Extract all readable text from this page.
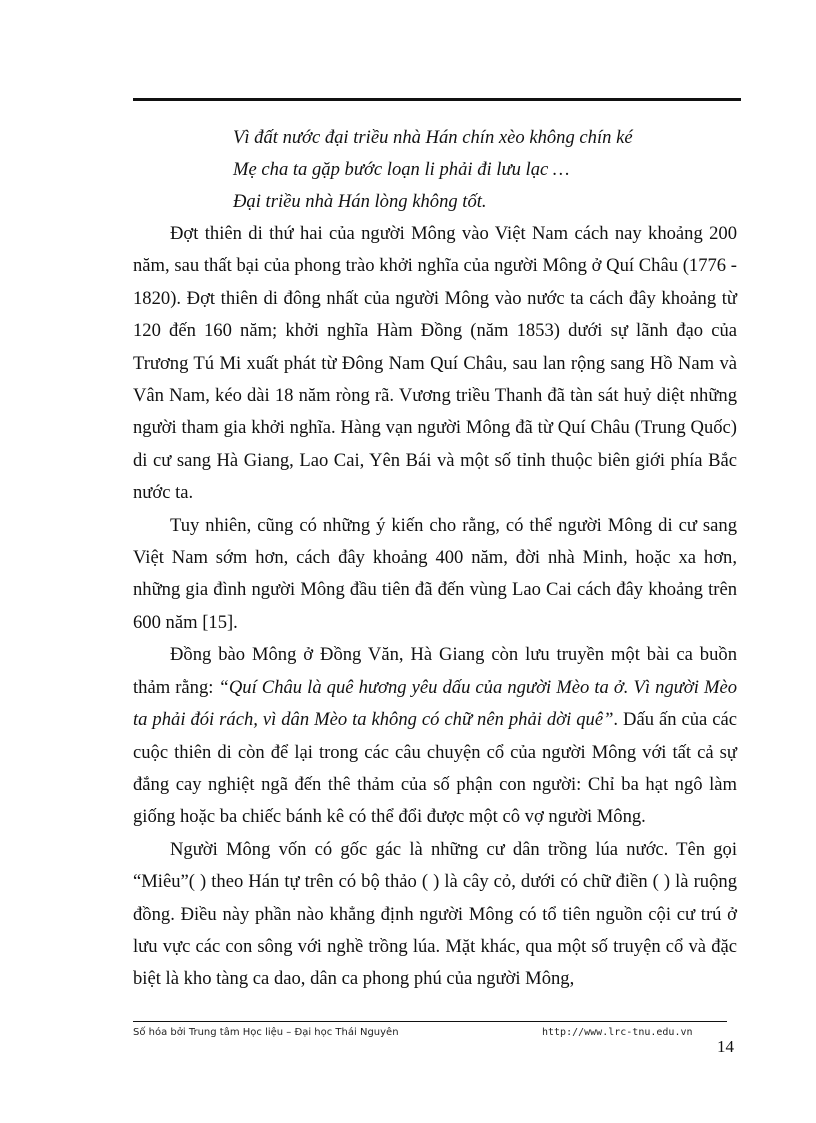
Vì đất nước đại triều nhà Hán chín xèo không chín ké

Mẹ cha ta gặp bước loạn li phải đi lưu lạc …

Đại triều nhà Hán lòng không tốt.

Đợt thiên di thứ hai của người Mông vào Việt Nam cách nay khoảng 200 năm, sau thất bại của phong trào khởi nghĩa của người Mông ở Quí Châu (1776 - 1820). Đợt thiên di đông nhất của người Mông vào nước ta cách đây khoảng từ 120 đến 160 năm; khởi nghĩa Hàm Đồng (năm 1853) dưới sự lãnh đạo của Trương Tú Mi xuất phát từ Đông Nam Quí Châu, sau lan rộng sang Hồ Nam và Vân Nam, kéo dài 18 năm ròng rã. Vương triều Thanh đã tàn sát huỷ diệt những người tham gia khởi nghĩa. Hàng vạn người Mông đã từ Quí Châu (Trung Quốc) di cư sang Hà Giang, Lao Cai, Yên Bái và một số tỉnh thuộc biên giới phía Bắc nước ta.

Tuy nhiên, cũng có những ý kiến cho rằng, có thể người Mông di cư sang Việt Nam sớm hơn, cách đây khoảng 400 năm, đời nhà Minh, hoặc xa hơn, những gia đình người Mông đầu tiên đã đến vùng Lao Cai cách đây khoảng trên 600 năm [15].

Đồng bào Mông ở Đồng Văn, Hà Giang còn lưu truyền một bài ca buồn thảm rằng: “Quí Châu là quê hương yêu dấu của người Mèo ta ở. Vì người Mèo ta phải đói rách, vì dân Mèo ta không có chữ nên phải dời quê”. Dấu ấn của các cuộc thiên di còn để lại trong các câu chuyện cổ của người Mông với tất cả sự đắng cay nghiệt ngã đến thê thảm của số phận con người: Chỉ ba hạt ngô làm giống hoặc ba chiếc bánh kê có thể đổi được một cô vợ người Mông.

Người Mông vốn có gốc gác là những cư dân trồng lúa nước. Tên gọi “Miêu”( ) theo Hán tự trên có bộ thảo ( ) là cây cỏ, dưới có chữ điền ( ) là ruộng đồng. Điều này phần nào khẳng định người Mông có tổ tiên nguồn cội cư trú ở lưu vực các con sông với nghề trồng lúa. Mặt khác, qua một số truyện cổ và đặc biệt là kho tàng ca dao, dân ca phong phú của người Mông,

Số hóa bởi Trung tâm Học liệu – Đại học Thái Nguyên	http://www.lrc-tnu.edu.vn
14
